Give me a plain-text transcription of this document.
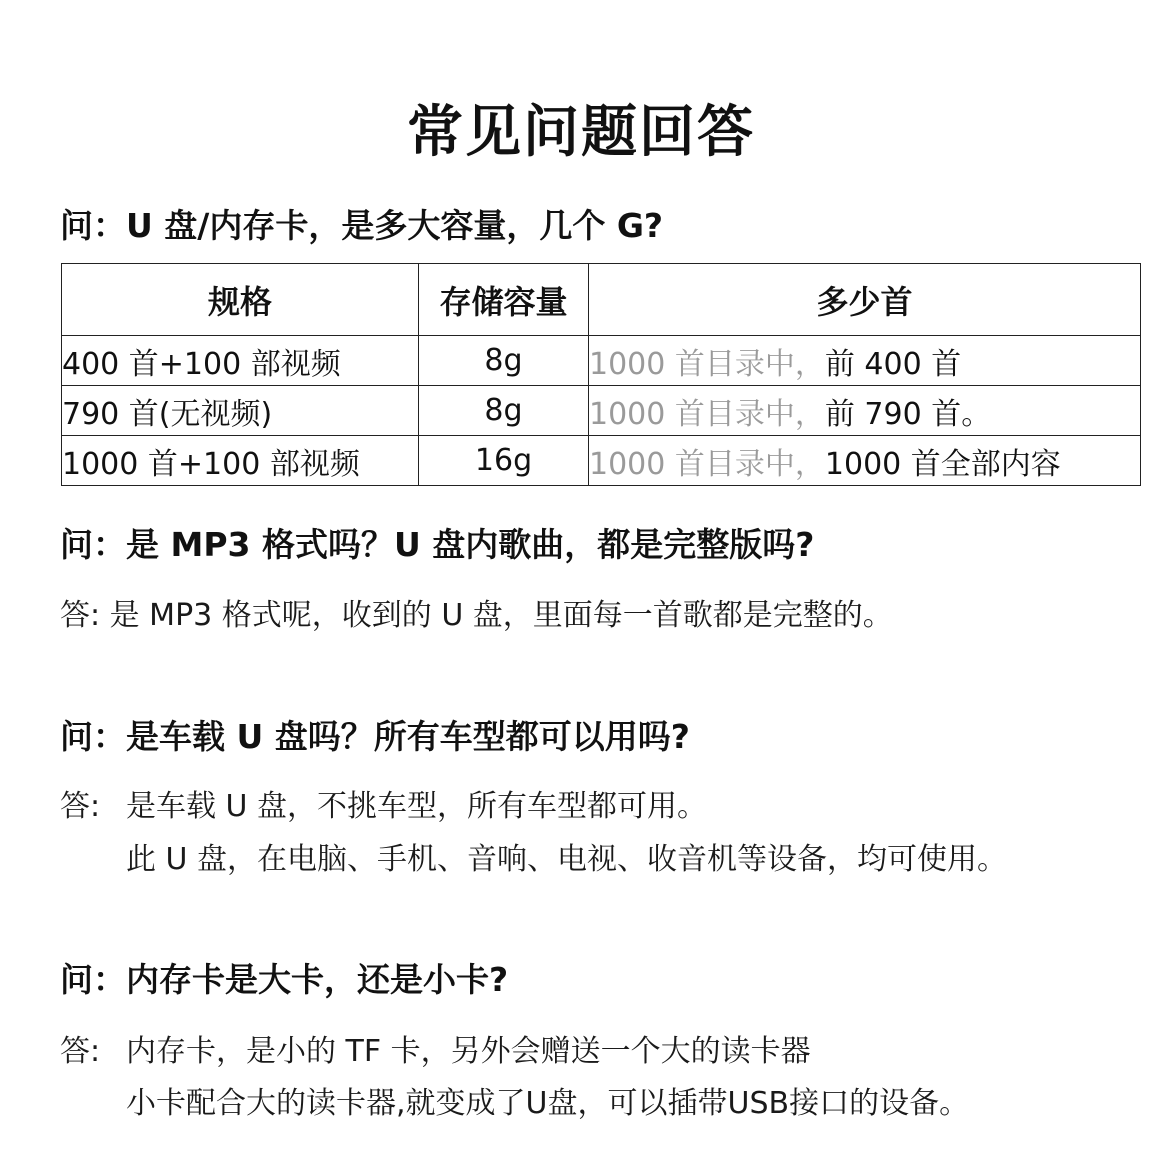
常见问题回答
问：U 盘/内存卡，是多大容量，几个 G?
规格	存储容量	多少首
400 首+100 部视频	8g	1000 首目录中，前 400 首
790 首(无视频)	8g	1000 首目录中，前 790 首。
1000 首+100 部视频	16g	1000 首目录中，1000 首全部内容
问：是 MP3 格式吗？U 盘内歌曲，都是完整版吗?
答: 是 MP3 格式呢，收到的 U 盘，里面每一首歌都是完整的。
问：是车载 U 盘吗？所有车型都可以用吗?
答: 是车载 U 盘，不挑车型，所有车型都可用。
此 U 盘，在电脑、手机、音响、电视、收音机等设备，均可使用。
问：内存卡是大卡，还是小卡?
答: 内存卡，是小的 TF 卡，另外会赠送一个大的读卡器
小卡配合大的读卡器,就变成了U盘，可以插带USB接口的设备。
